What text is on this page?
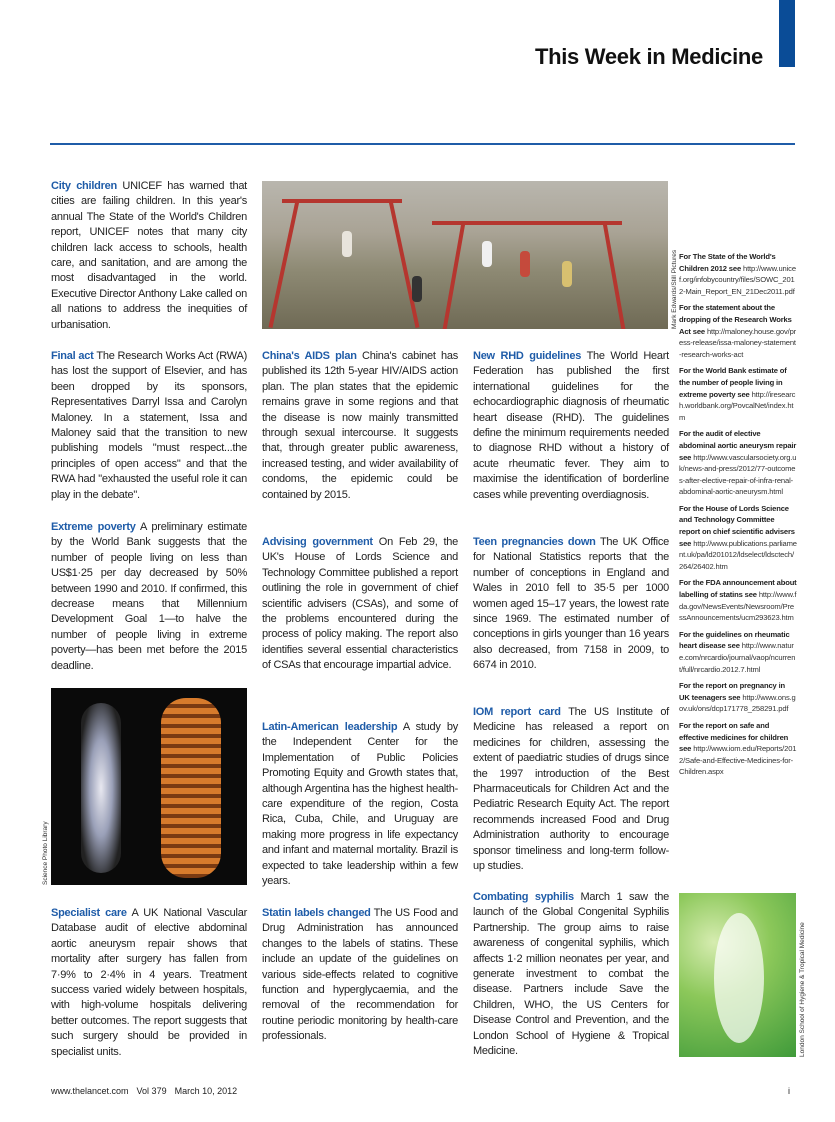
This Week in Medicine
City children UNICEF has warned that cities are failing children. In this year's annual The State of the World's Children report, UNICEF notes that many city children lack access to schools, health care, and sanitation, and are among the most disadvantaged in the world. Executive Director Anthony Lake called on all nations to address the inequities of urbanisation.
Final act The Research Works Act (RWA) has lost the support of Elsevier, and has been dropped by its sponsors, Representatives Darryl Issa and Carolyn Maloney. In a statement, Issa and Maloney said that the transition to new publishing models "must respect...the principles of open access" and that the RWA had "exhausted the useful role it can play in the debate".
Extreme poverty A preliminary estimate by the World Bank suggests that the number of people living on less than US$1·25 per day decreased by 50% between 1990 and 2010. If confirmed, this decrease means that Millennium Development Goal 1—to halve the number of people living in extreme poverty—has been met before the 2015 deadline.
Science Photo Library
Specialist care A UK National Vascular Database audit of elective abdominal aortic aneurysm repair shows that mortality after surgery has fallen from 7·9% to 2·4% in 4 years. Treatment success varied widely between hospitals, with high-volume hospitals delivering better outcomes. The report suggests that such surgery should be provided in specialist units.
Mark Edwards/Still Pictures
China's AIDS plan China's cabinet has published its 12th 5-year HIV/AIDS action plan. The plan states that the epidemic remains grave in some regions and that the disease is now mainly transmitted through sexual intercourse. It suggests that, through greater public awareness, increased testing, and wider availability of condoms, the epidemic could be contained by 2015.
Advising government On Feb 29, the UK's House of Lords Science and Technology Committee published a report outlining the role in government of chief scientific advisers (CSAs), and some of the problems encountered during the process of policy making. The report also identifies several essential characteristics of CSAs that encourage impartial advice.
Latin-American leadership A study by the Independent Center for the Implementation of Public Policies Promoting Equity and Growth states that, although Argentina has the highest health-care expenditure of the region, Costa Rica, Cuba, Chile, and Uruguay are making more progress in life expectancy and infant and maternal mortality. Brazil is expected to take leadership within a few years.
Statin labels changed The US Food and Drug Administration has announced changes to the labels of statins. These include an update of the guidelines on various side-effects related to cognitive function and hyperglycaemia, and the removal of the recommendation for routine periodic monitoring by health-care professionals.
New RHD guidelines The World Heart Federation has published the first international guidelines for the echocardiographic diagnosis of rheumatic heart disease (RHD). The guidelines define the minimum requirements needed to diagnose RHD without a history of acute rheumatic fever. They aim to maximise the identification of borderline cases while preventing overdiagnosis.
Teen pregnancies down The UK Office for National Statistics reports that the number of conceptions in England and Wales in 2010 fell to 35·5 per 1000 women aged 15–17 years, the lowest rate since 1969. The estimated number of conceptions in girls younger than 16 years also decreased, from 7158 in 2009, to 6674 in 2010.
IOM report card The US Institute of Medicine has released a report on medicines for children, assessing the extent of paediatric studies of drugs since the 1997 introduction of the Best Pharmaceuticals for Children Act and the Pediatric Research Equity Act. The report recommends increased Food and Drug Administration authority to encourage sponsor timeliness and long-term follow-up studies.
Combating syphilis March 1 saw the launch of the Global Congenital Syphilis Partnership. The group aims to raise awareness of congenital syphilis, which affects 1·2 million neonates per year, and generate investment to combat the disease. Partners include Save the Children, WHO, the US Centers for Disease Control and Prevention, and the London School of Hygiene & Tropical Medicine.
For The State of the World's Children 2012 see http://www.unicef.org/infobycountry/files/SOWC_2012-Main_Report_EN_21Dec2011.pdf
For the statement about the dropping of the Research Works Act see http://maloney.house.gov/press-release/issa-maloney-statement-research-works-act
For the World Bank estimate of the number of people living in extreme poverty see http://iresearch.worldbank.org/PovcalNet/index.htm
For the audit of elective abdominal aortic aneurysm repair see http://www.vascularsociety.org.uk/news-and-press/2012/77-outcomes-after-elective-repair-of-infra-renal-abdominal-aortic-aneurysm.html
For the House of Lords Science and Technology Committee report on chief scientific advisers see http://www.publications.parliament.uk/pa/ld201012/ldselect/ldsctech/264/26402.htm
For the FDA announcement about labelling of statins see http://www.fda.gov/NewsEvents/Newsroom/PressAnnouncements/ucm293623.htm
For the guidelines on rheumatic heart disease see http://www.nature.com/nrcardio/journal/vaop/ncurrent/full/nrcardio.2012.7.html
For the report on pregnancy in UK teenagers see http://www.ons.gov.uk/ons/dcp171778_258291.pdf
For the report on safe and effective medicines for children see http://www.iom.edu/Reports/2012/Safe-and-Effective-Medicines-for-Children.aspx
London School of Hygiene & Tropical Medicine
www.thelancet.com Vol 379 March 10, 2012	i
